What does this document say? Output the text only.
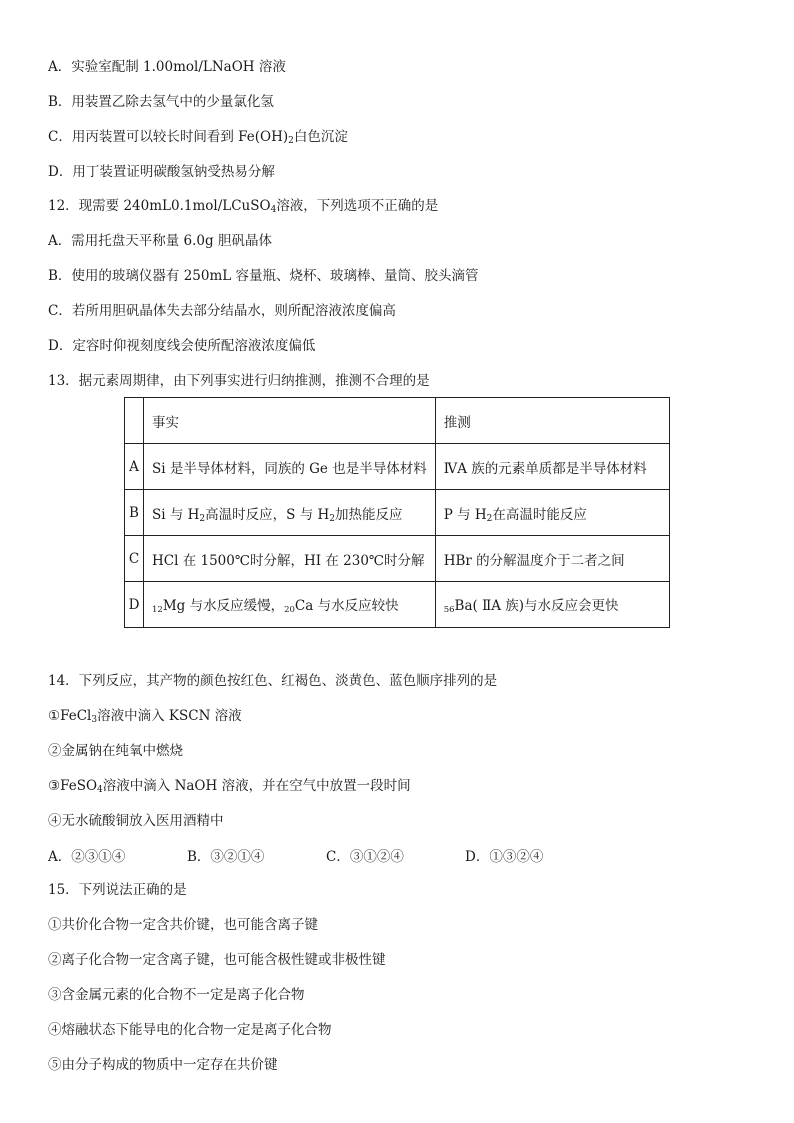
A．实验室配制 1.00mol/LNaOH 溶液
B．用装置乙除去氢气中的少量氯化氢
C．用丙装置可以较长时间看到 $Fe(OH)_2$白色沉淀
D．用丁装置证明碳酸氢钠受热易分解
12．现需要 240mL0.1mol/LCuSO$_4$溶液，下列选项不正确的是
A．需用托盘天平称量 6.0g 胆矾晶体
B．使用的玻璃仪器有 250mL 容量瓶、烧杯、玻璃棒、量筒、胶头滴管
C．若所用胆矾晶体失去部分结晶水，则所配溶液浓度偏高
D．定容时仰视刻度线会使所配溶液浓度偏低
13．据元素周期律，由下列事实进行归纳推测，推测不合理的是
	事实	推测
A	Si 是半导体材料，同族的 Ge 也是半导体材料	ⅣA 族的元素单质都是半导体材料
B	Si 与 $H_2$高温时反应，S 与 $H_2$加热能反应	P 与 $H_2$在高温时能反应
C	HCl 在 1500℃时分解，HI 在 230℃时分解	HBr 的分解温度介于二者之间
D	12Mg 与水反应缓慢，20Ca 与水反应较快	56Ba( ⅡA 族)与水反应会更快
14．下列反应，其产物的颜色按红色、红褐色、淡黄色、蓝色顺序排列的是
①FeCl$_3$溶液中滴入 KSCN 溶液
②金属钠在纯氧中燃烧
③FeSO$_4$溶液中滴入 NaOH 溶液，并在空气中放置一段时间
④无水硫酸铜放入医用酒精中
A．②③①④	B．③②①④	C．③①②④	D．①③②④
15．下列说法正确的是
①共价化合物一定含共价键，也可能含离子键
②离子化合物一定含离子键，也可能含极性键或非极性键
③含金属元素的化合物不一定是离子化合物
④熔融状态下能导电的化合物一定是离子化合物
⑤由分子构成的物质中一定存在共价键
